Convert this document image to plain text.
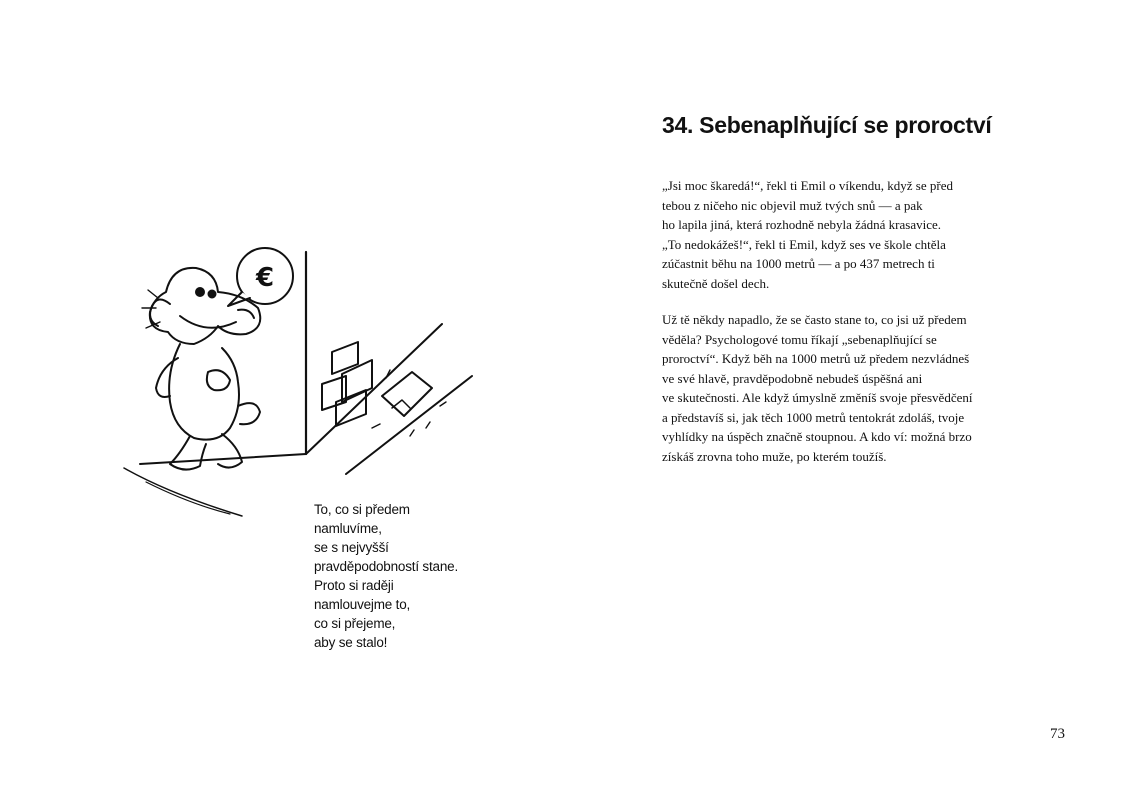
€
To, co si předem
namluvíme,
se s nejvyšší
pravděpodobností stane.
Proto si raději
namlouvejme to,
co si přejeme,
aby se stalo!
34. Sebenaplňující se proroctví
„Jsi moc škaredá!“, řekl ti Emil o víkendu, když se před
tebou z ničeho nic objevil muž tvých snů — a pak
ho lapila jiná, která rozhodně nebyla žádná krasavice.
„To nedokážeš!“, řekl ti Emil, když ses ve škole chtěla
zúčastnit běhu na 1000 metrů — a po 437 metrech ti
skutečně došel dech.
Už tě někdy napadlo, že se často stane to, co jsi už předem
věděla? Psychologové tomu říkají „sebenaplňující se
proroctví“. Když běh na 1000 metrů už předem nezvládneš
ve své hlavě, pravděpodobně nebudeš úspěšná ani
ve skutečnosti. Ale když úmyslně změníš svoje přesvědčení
a představíš si, jak těch 1000 metrů tentokrát zdoláš, tvoje
vyhlídky na úspěch značně stoupnou. A kdo ví: možná brzo
získáš zrovna toho muže, po kterém toužíš.
73
